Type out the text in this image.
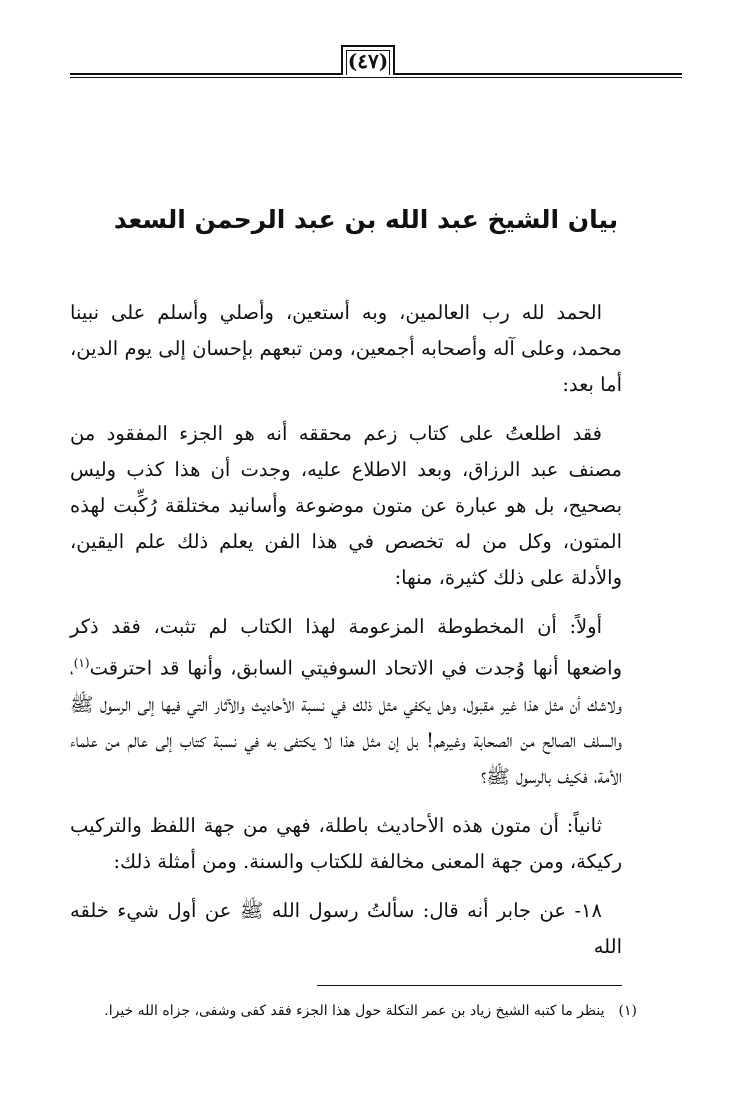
(٤٧)
بيان الشيخ عبد الله بن عبد الرحمن السعد

الحمد لله رب العالمين، وبه أستعين، وأصلي وأسلم على نبينا محمد، وعلى آله وأصحابه أجمعين، ومن تبعهم بإحسان إلى يوم الدين، أما بعد:

فقد اطلعتُ على كتاب زعم محققه أنه هو الجزء المفقود من مصنف عبد الرزاق، وبعد الاطلاع عليه، وجدت أن هذا كذب وليس بصحيح، بل هو عبارة عن متون موضوعة وأسانيد مختلقة رُكِّبت لهذه المتون، وكل من له تخصص في هذا الفن يعلم ذلك علم اليقين، والأدلة على ذلك كثيرة، منها:

أولاً: أن المخطوطة المزعومة لهذا الكتاب لم تثبت، فقد ذكر واضعها أنها وُجدت في الاتحاد السوفيتي السابق، وأنها قد احترقت$^{(١)}$، ولاشك أن مثل هذا غير مقبول، وهل يكفي مثل ذلك في نسبة الأحاديث والآثار التي فيها إلى الرسول ﷺ والسلف الصالح من الصحابة وغيرهم! بل إن مثل هذا لا يكتفى به في نسبة كتاب إلى عالم من علماء الأمة، فكيف بالرسول ﷺ؟

ثانياً: أن متون هذه الأحاديث باطلة، فهي من جهة اللفظ والتركيب ركيكة، ومن جهة المعنى مخالفة للكتاب والسنة. ومن أمثلة ذلك:

١٨- عن جابر أنه قال: سألتُ رسول الله ﷺ عن أول شيء خلقه الله

(١)ينظر ما كتبه الشيخ زياد بن عمر التكلة حول هذا الجزء فقد كفى وشفى، جزاه الله خيرا.
